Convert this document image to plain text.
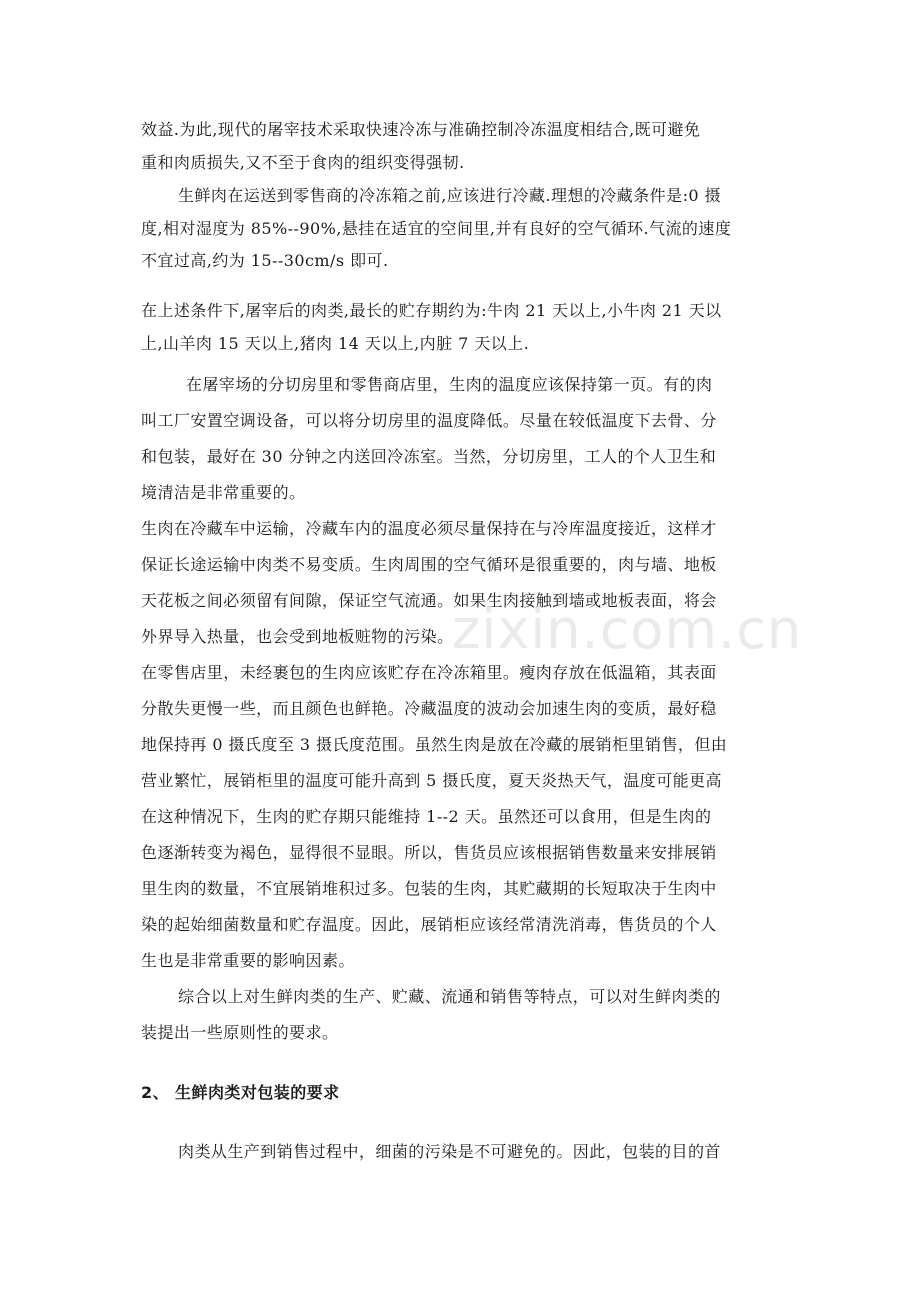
效益.为此,现代的屠宰技术采取快速冷冻与准确控制冷冻温度相结合,既可避免
重和肉质损失,又不至于食肉的组织变得强韧.
生鲜肉在运送到零售商的冷冻箱之前,应该进行冷藏.理想的冷藏条件是:0 摄
度,相对湿度为 85%--90%,悬挂在适宜的空间里,并有良好的空气循环.气流的速度
不宜过高,约为 15--30cm/s 即可.
在上述条件下,屠宰后的肉类,最长的贮存期约为:牛肉 21 天以上,小牛肉 21 天以
上,山羊肉 15 天以上,猪肉 14 天以上,内脏 7 天以上.
在屠宰场的分切房里和零售商店里，生肉的温度应该保持第一页。有的肉
叫工厂安置空调设备，可以将分切房里的温度降低。尽量在较低温度下去骨、分
和包装，最好在 30 分钟之内送回冷冻室。当然，分切房里，工人的个人卫生和
境清洁是非常重要的。
生肉在冷藏车中运输，冷藏车内的温度必须尽量保持在与冷库温度接近，这样才
保证长途运输中肉类不易变质。生肉周围的空气循环是很重要的，肉与墙、地板
天花板之间必须留有间隙，保证空气流通。如果生肉接触到墙或地板表面，将会
外界导入热量，也会受到地板赃物的污染。
在零售店里，未经裹包的生肉应该贮存在冷冻箱里。瘦肉存放在低温箱，其表面
分散失更慢一些，而且颜色也鲜艳。冷藏温度的波动会加速生肉的变质，最好稳
地保持再 0 摄氏度至 3 摄氏度范围。虽然生肉是放在冷藏的展销柜里销售，但由
营业繁忙，展销柜里的温度可能升高到 5 摄氏度，夏天炎热天气，温度可能更高
在这种情况下，生肉的贮存期只能维持 1--2 天。虽然还可以食用，但是生肉的
色逐渐转变为褐色，显得很不显眼。所以，售货员应该根据销售数量来安排展销
里生肉的数量，不宜展销堆积过多。包装的生肉，其贮藏期的长短取决于生肉中
染的起始细菌数量和贮存温度。因此，展销柜应该经常清洗消毒，售货员的个人
生也是非常重要的影响因素。
综合以上对生鲜肉类的生产、贮藏、流通和销售等特点，可以对生鲜肉类的
装提出一些原则性的要求。
2、 生鲜肉类对包装的要求
肉类从生产到销售过程中，细菌的污染是不可避免的。因此，包装的目的首
zixin.com.cn
